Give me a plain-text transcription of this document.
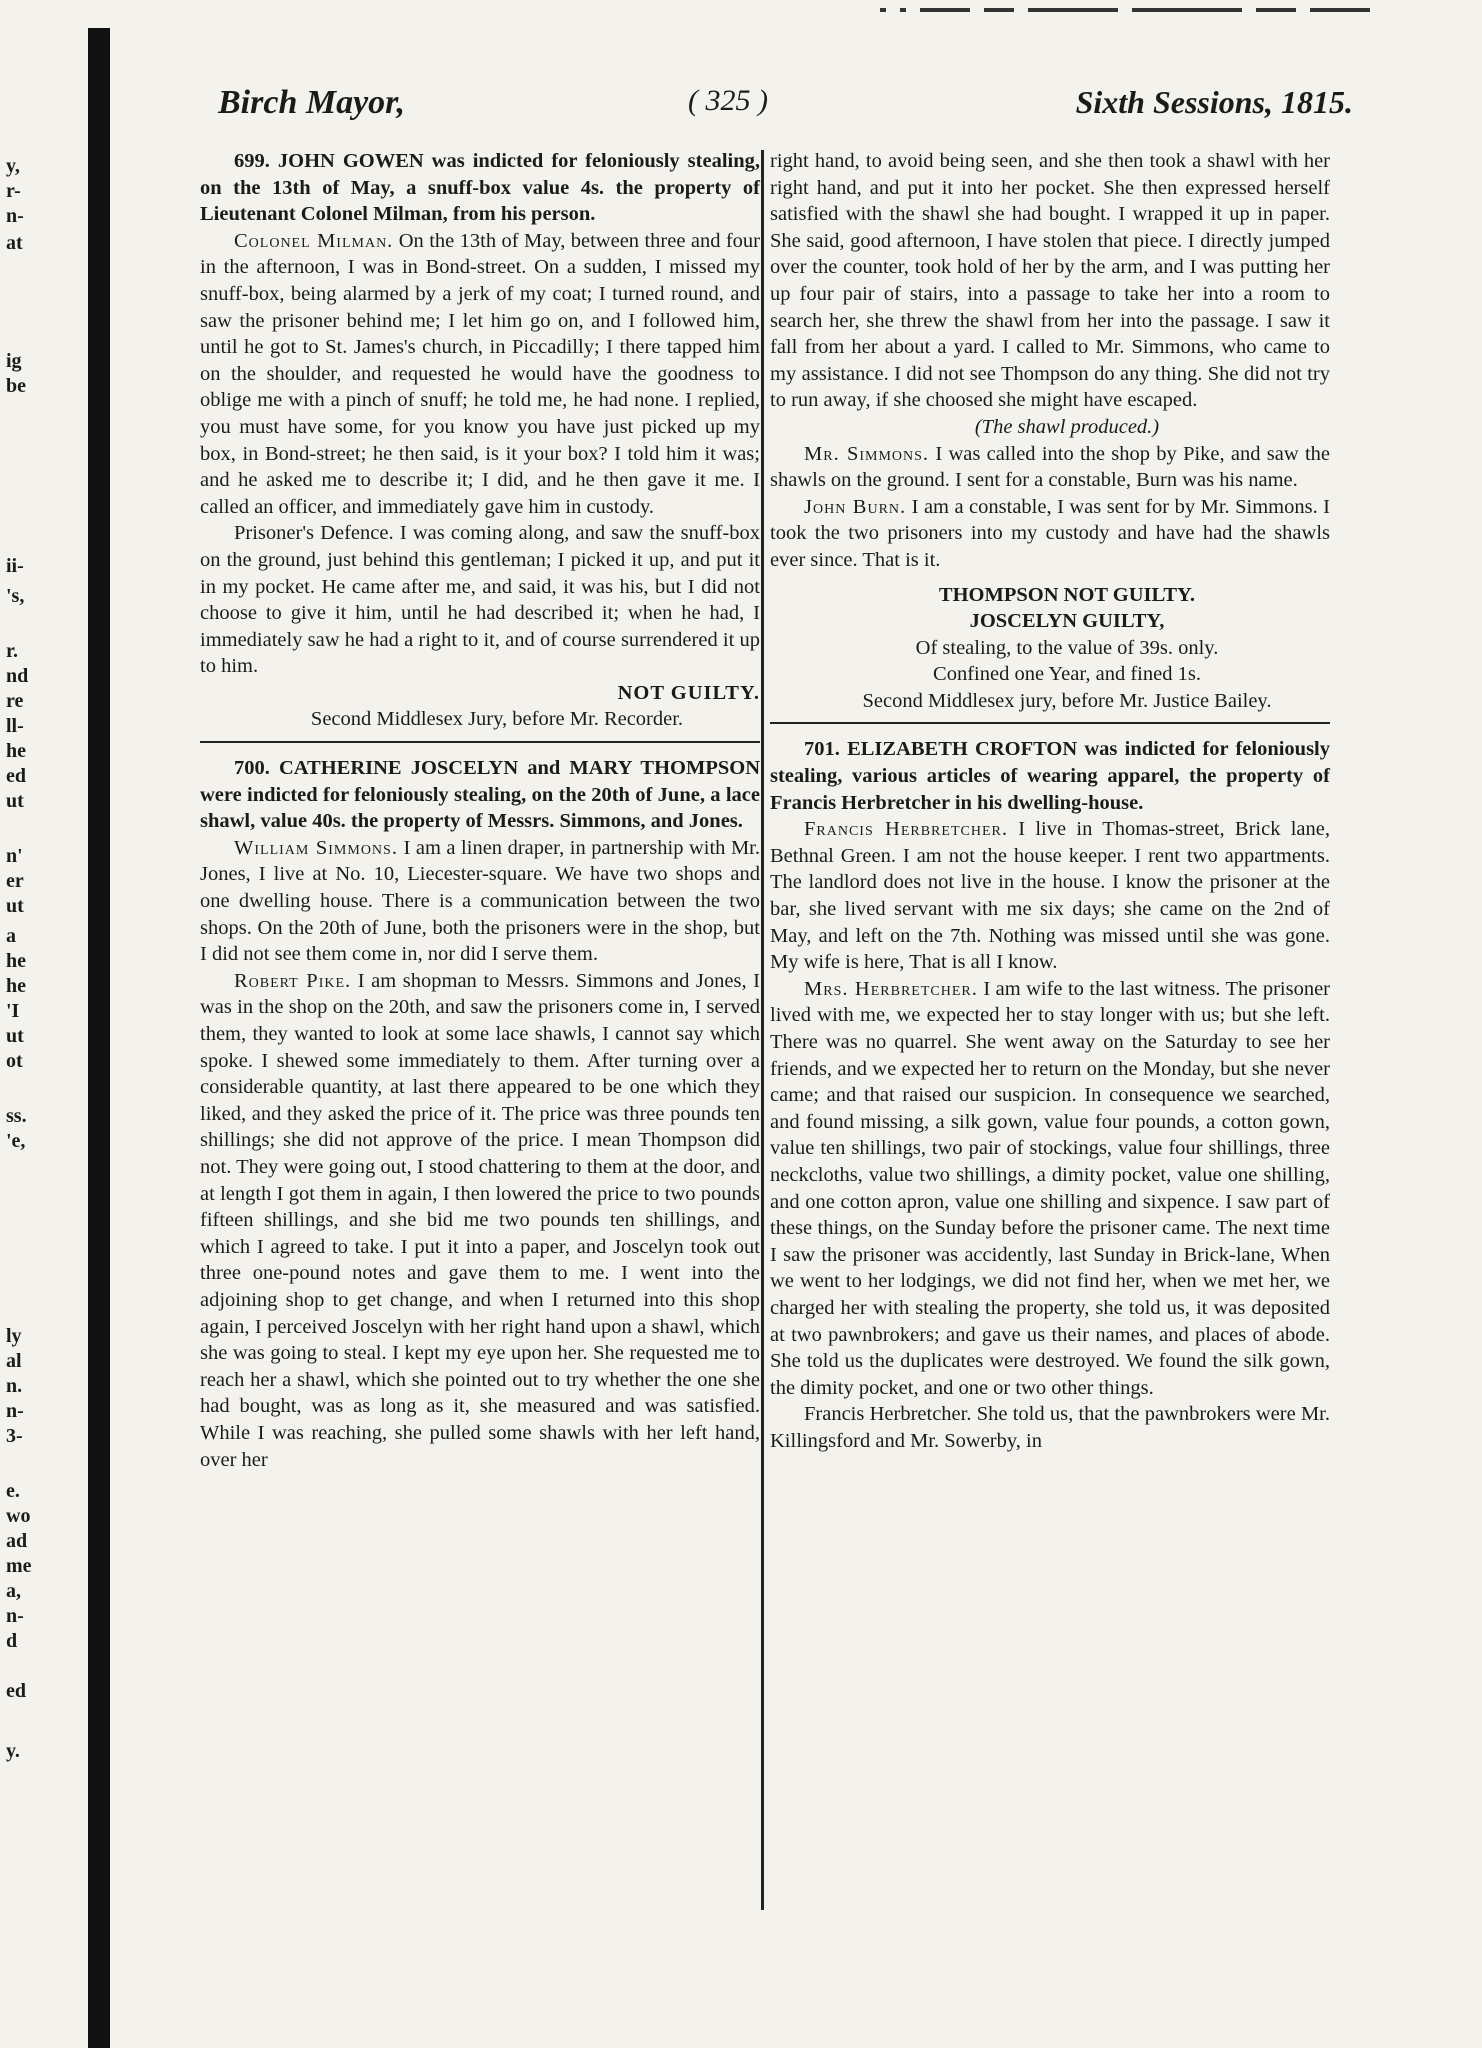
y,
r-
n-
at
ig
be
ii-
's,
r.
nd
re
ll-
he
ed
ut
n'
er
ut
a
he
he
'I
ut
ot
ss.
'e,
ly
al
n.
n-
3-
e.
wo
ad
me
a,
n-
d
ed
y.
Birch Mayor,	( 325 )	Sixth Sessions, 1815.

699. JOHN GOWEN was indicted for feloniously stealing, on the 13th of May, a snuff-box value 4s. the property of Lieutenant Colonel Milman, from his person.

Colonel Milman. On the 13th of May, between three and four in the afternoon, I was in Bond-street. On a sudden, I missed my snuff-box, being alarmed by a jerk of my coat; I turned round, and saw the prisoner behind me; I let him go on, and I followed him, until he got to St. James's church, in Piccadilly; I there tapped him on the shoulder, and requested he would have the goodness to oblige me with a pinch of snuff; he told me, he had none. I replied, you must have some, for you know you have just picked up my box, in Bond-street; he then said, is it your box? I told him it was; and he asked me to describe it; I did, and he then gave it me. I called an officer, and immediately gave him in custody.

Prisoner's Defence. I was coming along, and saw the snuff-box on the ground, just behind this gentleman; I picked it up, and put it in my pocket. He came after me, and said, it was his, but I did not choose to give it him, until he had described it; when he had, I immediately saw he had a right to it, and of course surrendered it up to him.

NOT GUILTY.

Second Middlesex Jury, before Mr. Recorder.

700. CATHERINE JOSCELYN and MARY THOMPSON were indicted for feloniously stealing, on the 20th of June, a lace shawl, value 40s. the property of Messrs. Simmons, and Jones.

William Simmons. I am a linen draper, in partnership with Mr. Jones, I live at No. 10, Liecester-square. We have two shops and one dwelling house. There is a communication between the two shops. On the 20th of June, both the prisoners were in the shop, but I did not see them come in, nor did I serve them.

Robert Pike. I am shopman to Messrs. Simmons and Jones, I was in the shop on the 20th, and saw the prisoners come in, I served them, they wanted to look at some lace shawls, I cannot say which spoke. I shewed some immediately to them. After turning over a considerable quantity, at last there appeared to be one which they liked, and they asked the price of it. The price was three pounds ten shillings; she did not approve of the price. I mean Thompson did not. They were going out, I stood chattering to them at the door, and at length I got them in again, I then lowered the price to two pounds fifteen shillings, and she bid me two pounds ten shillings, and which I agreed to take. I put it into a paper, and Joscelyn took out three one-pound notes and gave them to me. I went into the adjoining shop to get change, and when I returned into this shop again, I perceived Joscelyn with her right hand upon a shawl, which she was going to steal. I kept my eye upon her. She requested me to reach her a shawl, which she pointed out to try whether the one she had bought, was as long as it, she measured and was satisfied. While I was reaching, she pulled some shawls with her left hand, over her

right hand, to avoid being seen, and she then took a shawl with her right hand, and put it into her pocket. She then expressed herself satisfied with the shawl she had bought. I wrapped it up in paper. She said, good afternoon, I have stolen that piece. I directly jumped over the counter, took hold of her by the arm, and I was putting her up four pair of stairs, into a passage to take her into a room to search her, she threw the shawl from her into the passage. I saw it fall from her about a yard. I called to Mr. Simmons, who came to my assistance. I did not see Thompson do any thing. She did not try to run away, if she choosed she might have escaped.

(The shawl produced.)

Mr. Simmons. I was called into the shop by Pike, and saw the shawls on the ground. I sent for a constable, Burn was his name.

John Burn. I am a constable, I was sent for by Mr. Simmons. I took the two prisoners into my custody and have had the shawls ever since. That is it.

THOMPSON NOT GUILTY.

JOSCELYN GUILTY,

Of stealing, to the value of 39s. only.

Confined one Year, and fined 1s.

Second Middlesex jury, before Mr. Justice Bailey.

701. ELIZABETH CROFTON was indicted for feloniously stealing, various articles of wearing apparel, the property of Francis Herbretcher in his dwelling-house.

Francis Herbretcher. I live in Thomas-street, Brick lane, Bethnal Green. I am not the house keeper. I rent two appartments. The landlord does not live in the house. I know the prisoner at the bar, she lived servant with me six days; she came on the 2nd of May, and left on the 7th. Nothing was missed until she was gone. My wife is here, That is all I know.

Mrs. Herbretcher. I am wife to the last witness. The prisoner lived with me, we expected her to stay longer with us; but she left. There was no quarrel. She went away on the Saturday to see her friends, and we expected her to return on the Monday, but she never came; and that raised our suspicion. In consequence we searched, and found missing, a silk gown, value four pounds, a cotton gown, value ten shillings, two pair of stockings, value four shillings, three neckcloths, value two shillings, a dimity pocket, value one shilling, and one cotton apron, value one shilling and sixpence. I saw part of these things, on the Sunday before the prisoner came. The next time I saw the prisoner was accidently, last Sunday in Brick-lane, When we went to her lodgings, we did not find her, when we met her, we charged her with stealing the property, she told us, it was deposited at two pawnbrokers; and gave us their names, and places of abode. She told us the duplicates were destroyed. We found the silk gown, the dimity pocket, and one or two other things.

Francis Herbretcher. She told us, that the pawnbrokers were Mr. Killingsford and Mr. Sowerby, in
